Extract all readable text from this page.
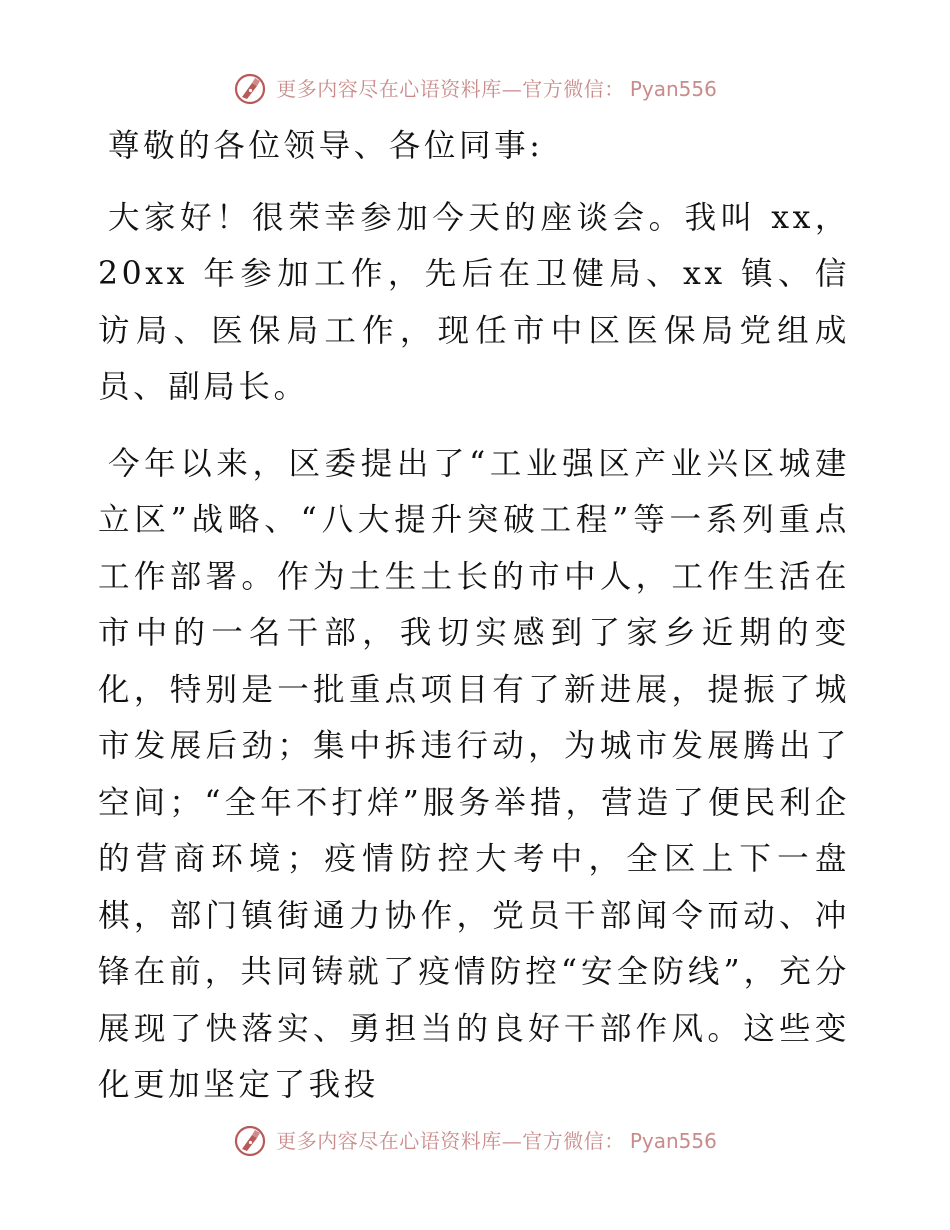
更多内容尽在心语资料库—官方微信： Pyan556

尊敬的各位领导、各位同事:

大家好！很荣幸参加今天的座谈会。我叫 xx，20xx 年参加工作，先后在卫健局、xx 镇、信访局、医保局工作，现任市中区医保局党组成员、副局长。

今年以来，区委提出了“工业强区产业兴区城建立区”战略、“八大提升突破工程”等一系列重点工作部署。作为土生土长的市中人，工作生活在市中的一名干部，我切实感到了家乡近期的变化，特别是一批重点项目有了新进展，提振了城市发展后劲；集中拆违行动，为城市发展腾出了空间；“全年不打烊”服务举措，营造了便民利企的营商环境；疫情防控大考中，全区上下一盘棋，部门镇街通力协作，党员干部闻令而动、冲锋在前，共同铸就了疫情防控“安全防线”，充分展现了快落实、勇担当的良好干部作风。这些变化更加坚定了我投

更多内容尽在心语资料库—官方微信： Pyan556
